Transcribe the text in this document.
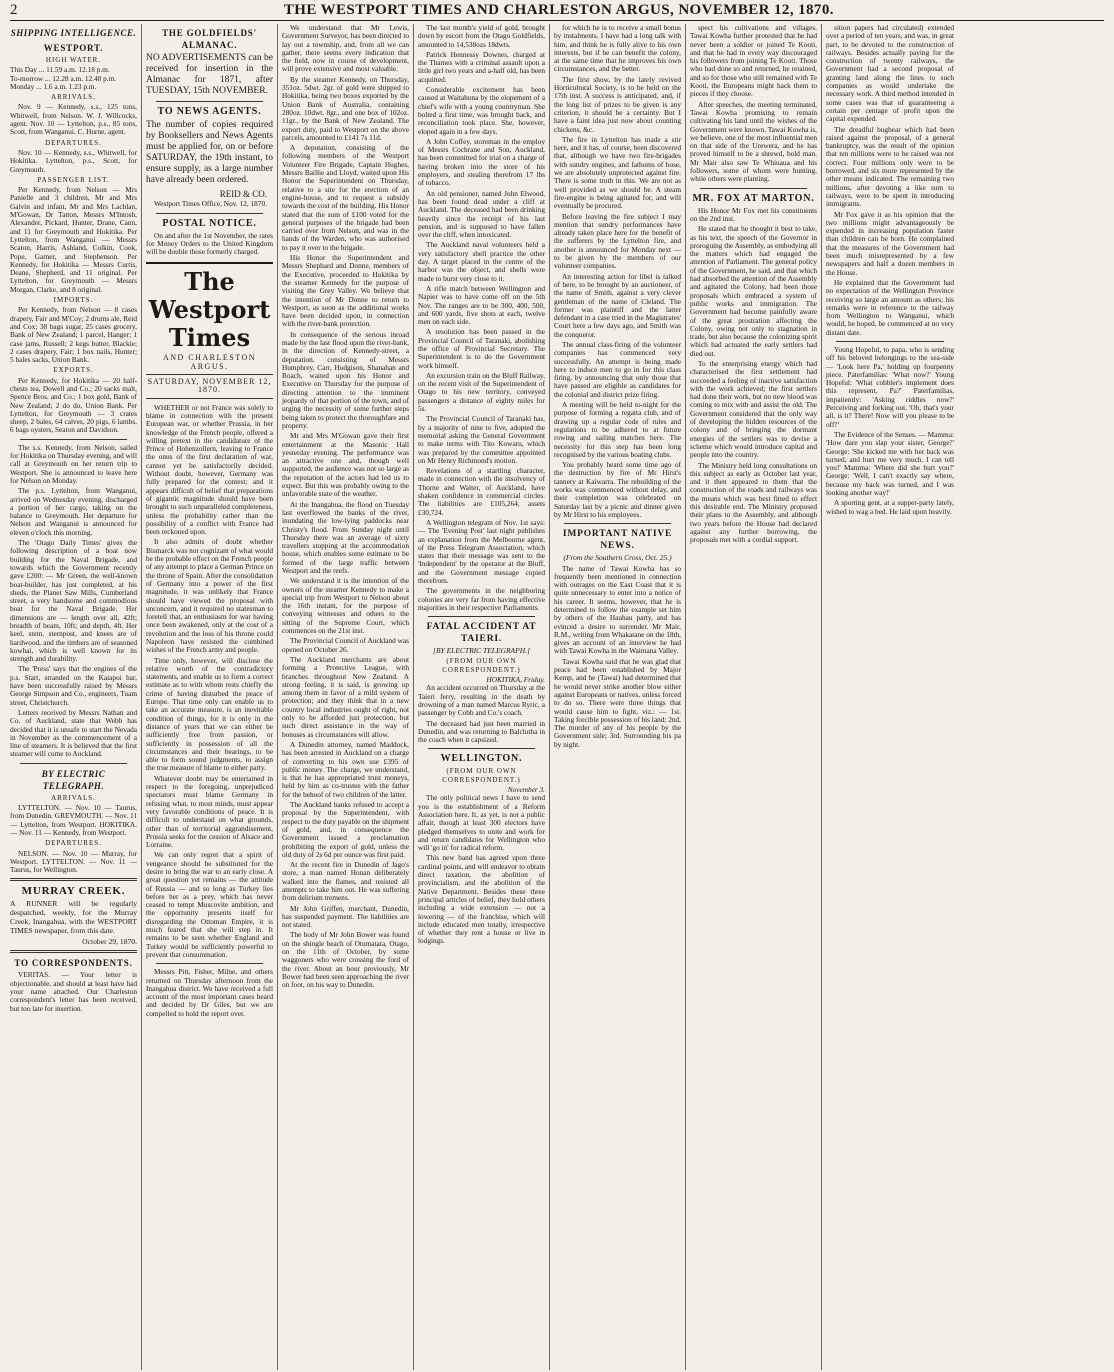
2	THE WESTPORT TIMES AND CHARLESTON ARGUS, NOVEMBER 12, 1870.

SHIPPING INTELLIGENCE.
WESTPORT.
HIGH WATER.
This Day ... 11.59 a.m. 12.18 p.m.
To-morrow ... 12.28 a.m. 12.48 p.m.
Monday ... 1.6 a.m. 1.23 p.m.
ARRIVALS.

Nov. 9 — Kennedy, s.s., 125 tons, Whitwell, from Nelson. W. J. Willcocks, agent. Nov. 10 — Lyttelton, p.s., 85 tons, Scott, from Wanganui. C. Hurne, agent.

DEPARTURES.

Nov. 10 — Kennedy, s.s., Whitwell, for Hokitika. Lyttelton, p.s., Scott, for Greymouth.

PASSENGER LIST.

Per Kennedy, from Nelson — Mrs Panielle and 3 children, Mr and Mrs Galvin and infant, Mr and Mrs Lachlan, M'Gowan, Dr Tatton, Messrs M'Intosh, Alexander, Pickard, Hunter, Drane, Cann, and 11 for Greymouth and Hokitika. Per Lyttelton, from Wanganui — Messrs Scaton, Harris, Ashland, Colkin, Cook, Pope, Garner, and Stephenson. Per Kennedy, for Hokitika — Messrs Curtis, Deane, Shepherd, and 11 original. Per Lyttelton, for Greymouth — Messrs Morgan, Clarke, and 8 original.

IMPORTS.

Per Kennedy, from Nelson — 8 cases drapery, Fair and M'Coy; 2 drums ale, Reid and Cox; 38 bags sugar, 25 cases grocery, Bank of New Zealand; 1 parcel, Hanger; 1 case jams, Russell; 2 kegs butter, Blackie; 2 cases drapery, Fair; 1 box nails, Hunter; 5 bales sacks, Union Bank.

EXPORTS.

Per Kennedy, for Hokitika — 20 half-chests tea, Dowell and Co.; 20 sacks malt, Spence Bros. and Co.; 1 box gold, Bank of New Zealand; 2 do do, Union Bank. Per Lyttelton, for Greymouth — 3 crates sheep, 2 bales, 64 calves, 20 pigs, 6 lambs, 6 bags oysters, Seaton and Davidson.

The s.s. Kennedy, from Nelson, sailed for Hokitika on Thursday evening, and will call at Greymouth on her return trip to Westport. She is announced to leave here for Nelson on Monday.

The p.s. Lyttelton, from Wanganui, arrived on Wednesday evening, discharged a portion of her cargo, taking on the balance to Greymouth. Her departure for Nelson and Wanganui is announced for eleven o'clock this morning.

The 'Otago Daily Times' gives the following description of a boat now building for the Naval Brigade, and towards which the Government recently gave £200: — Mr Green, the well-known boat-builder, has just completed, at his sheds, the Planet Saw Mills, Cumberland street, a very handsome and commodious boat for the Naval Brigade. Her dimensions are — length over all, 42ft; breadth of beam, 10ft; and depth, 4ft. Her keel, stem, sternpost, and knees are of hardwood, and the timbers are of seasoned kowhai, which is well known for its strength and durability.

The 'Press' says that the engines of the p.s. Start, stranded on the Kaiapoi bar, have been successfully raised by Messrs George Simpson and Co., engineers, Tuam street, Christchurch.

Letters received by Messrs Nathan and Co. of Auckland, state that Webb has decided that it is unsafe to start the Nevada in November as the commencement of a line of steamers. It is believed that the first steamer will come to Auckland.

BY ELECTRIC TELEGRAPH.
ARRIVALS.

LYTTELTON. — Nov. 10 — Taurus, from Dunedin. GREYMOUTH. — Nov. 11 — Lyttelton, from Westport. HOKITIKA. — Nov. 11 — Kennedy, from Westport.

DEPARTURES.

NELSON. — Nov. 10 — Murray, for Westport. LYTTELTON. — Nov. 11 — Taurus, for Wellington.

MURRAY CREEK.

A RUNNER will be regularly despatched, weekly, for the Murray Creek, Inangahua, with the WESTPORT TIMES newspaper, from this date.

October 29, 1870.

TO CORRESPONDENTS.

VERITAS. — Your letter is objectionable, and should at least have had your name attached. Our Charleston correspondent's letter has been received, but too late for insertion.

THE GOLDFIELDS' ALMANAC.

NO ADVERTISEMENTS can be received for insertion in the Almanac for 1871, after TUESDAY, 15th NOVEMBER.

TO NEWS AGENTS.

The number of copies required by Booksellers and News Agents must be applied for, on or before SATURDAY, the 19th instant, to ensure supply, as a large number have already been ordered.

REID & CO.

Westport Times Office, Nov. 12, 1870.

POSTAL NOTICE.

On and after the 1st November, the rates for Money Orders to the United Kingdom will be double those formerly charged.

The Westport Times
AND CHARLESTON ARGUS.
SATURDAY, NOVEMBER 12, 1870.

WHETHER or not France was solely to blame in connection with the present European war, or whether Prussia, in her knowledge of the French people, offered a willing pretext in the candidature of the Prince of Hohenzollern, leaving to France the onus of the first declaration of war, cannot yet be satisfactorily decided. Without doubt, however, Germany was fully prepared for the contest; and it appears difficult of belief that preparations of gigantic magnitude should have been brought to such unparalleled completeness, unless the probability rather than the possibility of a conflict with France had been reckoned upon.

It also admits of doubt whether Bismarck was not cognizant of what would be the probable effect on the French people of any attempt to place a German Prince on the throne of Spain. After the consolidation of Germany into a power of the first magnitude, it was unlikely that France should have viewed the proposal with unconcern, and it required no statesman to foretell that, an enthusiasm for war having once been awakened, only at the cost of a revolution and the loss of his throne could Napoleon have resisted the combined wishes of the French army and people.

Time only, however, will disclose the relative worth of the contradictory statements, and enable us to form a correct estimate as to with whom rests chiefly the crime of having disturbed the peace of Europe. That time only can enable us to take an accurate measure, is an inevitable condition of things, for it is only in the distance of years that we can either be sufficiently free from passion, or sufficiently in possession of all the circumstances and their bearings, to be able to form sound judgments, to assign the true measure of blame to either party.

Whatever doubt may be entertained in respect to the foregoing, unprejudiced spectators must blame Germany in refusing what, to most minds, must appear very favorable conditions of peace. It is difficult to understand on what grounds, other than of territorial aggrandisement, Prussia seeks for the cession of Alsace and Lorraine.

We can only regret that a spirit of vengeance should be substituted for the desire to bring the war to an early close. A great question yet remains — the attitude of Russia — and so long as Turkey lies before her as a prey, which has never ceased to tempt Muscovite ambition, and the opportunity presents itself for disregarding the Ottoman Empire, it is much feared that she will step in. It remains to be seen whether England and Turkey would be sufficiently powerful to prevent that consummation.

Messrs Pitt, Fisher, Milne, and others returned on Thursday afternoon from the Inangahua district. We have received a full account of the most important cases heard and decided by Dr Giles, but we are compelled to hold the report over.

We understand that Mr Lewis, Government Surveyor, has been directed to lay out a township, and, from all we can gather, there seems every indication that the field, now in course of development, will prove extensive and most valuable.

By the steamer Kennedy, on Thursday, 351oz. 5dwt. 2gr. of gold were shipped to Hokitika, being two boxes exported by the Union Bank of Australia, containing 280oz. 10dwt. 8gr., and one box of 102oz. 11gr., by the Bank of New Zealand. The export duty, paid to Westport on the above parcels, amounted to £141 7s 11d.

A deputation, consisting of the following members of the Westport Volunteer Fire Brigade, Captain Hughes, Messrs Baillie and Lloyd, waited upon His Honor the Superintendent on Thursday, relative to a site for the erection of an engine-house, and to request a subsidy towards the cost of the building. His Honor stated that the sum of £100 voted for the general purposes of the brigade had been carried over from Nelson, and was in the hands of the Warden, who was authorised to pay it over to the brigade.

His Honor the Superintendent and Messrs Shephard and Donne, members of the Executive, proceeded to Hokitika by the steamer Kennedy for the purpose of visiting the Grey Valley. We believe that the intention of Mr Donne to return to Westport, as soon as the additional works have been decided upon, in connection with the river-bank protection.

In consequence of the serious inroad made by the last flood upon the river-bank, in the direction of Kennedy-street, a deputation, consisting of Messrs Humphrey, Carr, Hudgison, Shanahan and Roach, waited upon his Honor and Executive on Thursday for the purpose of directing attention to the imminent jeopardy of that portion of the town, and of urging the necessity of some further steps being taken to protect the thoroughfare and property.

Mr and Mrs M'Gowan gave their first entertainment at the Masonic Hall yesterday evening. The performance was an attractive one and, though well supported, the audience was not so large as the reputation of the actors had led us to expect. But this was probably owing to the unfavorable state of the weather.

At the Inangahua, the flood on Tuesday last overflowed the banks of the river, inundating the low-lying paddocks near Christy's flood. From Sunday night until Thursday there was an average of sixty travellers stopping at the accommodation house, which enables some estimate to be formed of the large traffic between Westport and the reefs.

We understand it is the intention of the owners of the steamer Kennedy to make a special trip from Westport to Nelson about the 16th instant, for the purpose of conveying witnesses and others to the sitting of the Supreme Court, which commences on the 21st inst.

The Provincial Council of Auckland was opened on October 26.

The Auckland merchants are about forming a Protective League, with branches throughout New Zealand. A strong feeling, it is said, is growing up among them in favor of a mild system of protection; and they think that in a new country local industries ought of right, not only to be afforded just protection, but such direct assistance in the way of bonuses as circumstances will allow.

A Dunedin attorney, named Maddock, has been arrested in Auckland on a charge of converting to his own use £395 of public money. The charge, we understand, is that he has appropriated trust moneys, held by him as co-trustee with the father for the behoof of two children of the latter.

The Auckland banks refused to accept a proposal by the Superintendent, with respect to the duty payable on the shipment of gold, and, in consequence the Government issued a proclamation prohibiting the export of gold, unless the old duty of 2s 6d per ounce was first paid.

At the recent fire in Dunedin of Jago's store, a man named Honan deliberately walked into the flames, and resisted all attempts to take him out. He was suffering from delirium tremens.

Mr John Griffen, merchant, Dunedin, has suspended payment. The liabilities are not stated.

The body of Mr John Bower was found on the shingle beach of Otumatata, Otago, on the 11th of October, by some waggoners who were crossing the ford of the river. About an hour previously, Mr Bower had been seen approaching the river on foot, on his way to Dunedin.

The last month's yield of gold, brought down by escort from the Otago Goldfields, amounted to 14,538ozs 18dwts.

Patrick Hennessy Downes, charged at the Thames with a criminal assault upon a little girl two years and a-half old, has been acquitted.

Considerable excitement has been caused at Waitahuna by the elopement of a chief's wife with a young countryman. She bolted a first time, was brought back, and reconciliation took place. She, however, eloped again in a few days.

A John Coffey, storeman in the employ of Messrs Cochrane and Son, Auckland, has been committed for trial on a charge of having broken into the store of his employers, and stealing therefrom 17 lbs of tobacco.

An old pensioner, named John Elwood, has been found dead under a cliff at Auckland. The deceased had been drinking heavily since the receipt of his last pension, and is supposed to have fallen over the cliff, when intoxicated.

The Auckland naval volunteers held a very satisfactory shell practice the other day. A target placed in the centre of the harbor was the object, and shells were made to burst very close to it.

A rifle match between Wellington and Napier was to have come off on the 5th Nov. The ranges are to be 300, 400, 500, and 600 yards, five shots at each, twelve men on each side.

A resolution has been passed in the Provincial Council of Taranaki, abolishing the office of Provincial Secretary. The Superintendent is to do the Government work himself.

An excursion train on the Bluff Railway, on the recent visit of the Superintendent of Otago to his new territory, conveyed passengers a distance of eighty miles for 5s.

The Provincial Council of Taranaki has, by a majority of nine to five, adopted the memorial asking the General Government to make terms with Tito Kowaru, which was prepared by the committee appointed on Mr Henry Richmond's motion.

Revelations of a startling character, made in connection with the insolvency of Thorne and Walter, of Auckland, have shaken confidence in commercial circles. The liabilities are £105,264, assets £30,724.

A Wellington telegram of Nov. 1st says: — The 'Evening Post' last night publishes an explanation from the Melbourne agent, of the Press Telegram Association, which states that their message was sent to the 'Independent' by the operator at the Bluff, and the Government message copied therefrom.

The governments in the neighboring colonies are very far from having effective majorities in their respective Parliaments.

FATAL ACCIDENT AT TAIERI.
[BY ELECTRIC TELEGRAPH.]
(FROM OUR OWN CORRESPONDENT.)
HOKITIKA, Friday.

An accident occurred on Thursday at the Taieri ferry, resulting in the death by drowning of a man named Marcus Ryric, a passenger by Cobb and Co.'s coach.

The deceased had just been married in Dunedin, and was returning to Balclutha in the coach when it capsized.

WELLINGTON.
(FROM OUR OWN CORRESPONDENT.)
November 3.

The only political news I have to send you is the establishment of a Reform Association here. It, as yet, is not a public affair, though at least 300 electors have pledged themselves to unite and work for and return candidates for Wellington who will 'go in' for radical reform.

This new band has agreed upon three cardinal points, and will endeavor to obtain direct taxation, the abolition of provincialism, and the abolition of the Native Department. Besides these three principal articles of belief, they hold others including a wide extension — not a lowering — of the franchise, which will include educated men totally, irrespective of whether they rent a house or live in lodgings.

for which he is to receive a small bonus by instalments. I have had a long talk with him, and think he is fully alive to his own interests, but if he can benefit the colony, at the same time that he improves his own circumstances, and the better.

The first show, by the lately revived Horticultural Society, is to be held on the 17th inst. A success is anticipated, and, if the long list of prizes to be given is any criterion, it should be a certainty. But I have a faint idea just now about counting chickens, &c.

The fire in Lyttelton has made a stir here, and it has, of course, been discovered that, although we have two fire-brigades with sundry engines, and fathoms of hose, we are absolutely unprotected against fire. There is some truth in this. We are not as well provided as we should be. A steam fire-engine is being agitated for, and will eventually be procured.

Before leaving the fire subject I may mention that sundry performances have already taken place here for the benefit of the sufferers by the Lyttelton fire, and another is announced for Monday next — to be given by the members of our volunteer companies.

An interesting action for libel is talked of here, to be brought by an auctioneer, of the name of Smith, against a very clever gentleman of the name of Cleland. The former was plaintiff and the latter defendant in a case tried in the Magistrates' Court here a few days ago, and Smith was the conqueror.

The annual class-firing of the volunteer companies has commenced very successfully. An attempt is being made here to induce men to go in for this class firing, by announcing that only those that have passed are eligible as candidates for the colonial and district prize firing.

A meeting will be held to-night for the purpose of forming a regatta club, and of drawing up a regular code of rules and regulations to be adhered to at future rowing and sailing matches here. The necessity for this step has been long recognised by the various boating clubs.

You probably heard some time ago of the destruction by fire of Mr Hirst's tannery at Kaiwarra. The rebuilding of the works was commenced without delay, and their completion was celebrated on Saturday last by a picnic and dinner given by Mr Hirst to his employees.

IMPORTANT NATIVE NEWS.
(From the Southern Cross, Oct. 25.)

The name of Tawai Kowha has so frequently been mentioned in connection with outrages on the East Coast that it is quite unnecessary to enter into a notice of his career. It seems, however, that he is determined to follow the example set him by others of the Hauhau party, and has evinced a desire to surrender. Mr Mair, R.M., writing from Whakatane on the 18th, gives an account of an interview he had with Tawai Kowha in the Waimana Valley.

Tawai Kowha said that he was glad that peace had been established by Major Kemp, and he (Tawai) had determined that he would never strike another blow either against Europeans or natives, unless forced to do so. There were three things that would cause him to fight, viz.: — 1st. Taking forcible possession of his land; 2nd. The murder of any of his people by the Government side; 3rd. Surrounding his pa by night.

spect his cultivations and villages. Tawai Kowha further protested that he had never been a soldier or joined Te Kooti, and that he had in every way discouraged his followers from joining Te Kooti. Those who had done so and returned, he retained, and so for those who still remained with Te Kooti, the Europeans might hack them to pieces if they choose.

After speeches, the meeting terminated, Tawai Kowha promising to remain cultivating his land until the wishes of the Government were known. Tawai Kowha is, we believe, one of the most influential men on that side of the Urewera, and he has proved himself to be a shrewd, bold man. Mr Mair also saw Te Whiuaua and his followers, some of whom were hunting, while others were planting.

MR. FOX AT MARTON.

His Honor Mr Fox met his constituents on the 2nd inst.

He stated that he thought it best to take, as his text, the speech of the Governor in proroguing the Assembly, as embodying all the matters which had engaged the attention of Parliament. The general policy of the Government, he said, and that which had absorbed the attention of the Assembly and agitated the Colony, had been those proposals which embraced a system of public works and immigration. The Government had become painfully aware of the great prostration affecting the Colony, owing not only to stagnation in trade, but also because the colonizing spirit which had actuated the early settlers had died out.

To the enterprising energy which had characterised the first settlement had succeeded a feeling of inactive satisfaction with the work achieved; the first settlers had done their work, but no new blood was coming to mix with and assist the old. The Government considered that the only way of developing the hidden resources of the colony and of bringing the dormant energies of the settlers was to devise a scheme which would introduce capital and people into the country.

The Ministry held long consultations on this subject as early as October last year, and it then appeared to them that the construction of the roads and railways was the means which was best fitted to effect this desirable end. The Ministry proposed their plans to the Assembly, and although two years before the House had declared against any further borrowing, the proposals met with a cordial support.

sition papers had circulated) extended over a period of ten years, and was, in great part, to be devoted to the construction of railways. Besides actually paying for the construction of twenty railways, the Government had a second proposal of granting land along the lines to such companies as would undertake the necessary work. A third method intended in some cases was that of guaranteeing a certain per centage of profit upon the capital expended.

The dreadful bugbear which had been raised against the proposal, of a general bankruptcy, was the result of the opinion that ten millions were to be raised was not correct. Four millions only were to be borrowed, and six more represented by the other means indicated. The remaining two millions, after devoting a like sum to railways, were to be spent in introducing immigrants.

Mr Fox gave it as his opinion that the two millions might advantageously be expended in increasing population faster than children can be born. He complained that the measures of the Government had been much misrepresented by a few newspapers and half a dozen members in the House.

He explained that the Government had no expectation of the Wellington Province receiving so large an amount as others; his remarks were in reference to the railway from Wellington to Wanganui, which would, he hoped, be commenced at no very distant date.

Young Hopeful, to papa, who is sending off his beloved belongings to the sea-side — 'Look here Pa,' holding up fourpenny piece. Paterfamilias: 'What now?' Young Hopeful: 'What cobbler's implement does this represent, Pa?' Paterfamilias, impatiently: 'Asking riddles now?' Perceiving and forking out. 'Oh, that's your all, is it? There! Now will you please to be off?'

The Evidence of the Senses. — Mamma: 'How dare you slap your sister, George?' George: 'She kicked me with her back was turned, and hurt me very much. I can tell you!' Mamma: 'Where did she hurt you?' George: 'Well, I can't exactly say where, because my back was turned, and I was looking another way!'

A sporting gent, at a supper-party lately, wished to wag a bed. He laid upon heavily.
